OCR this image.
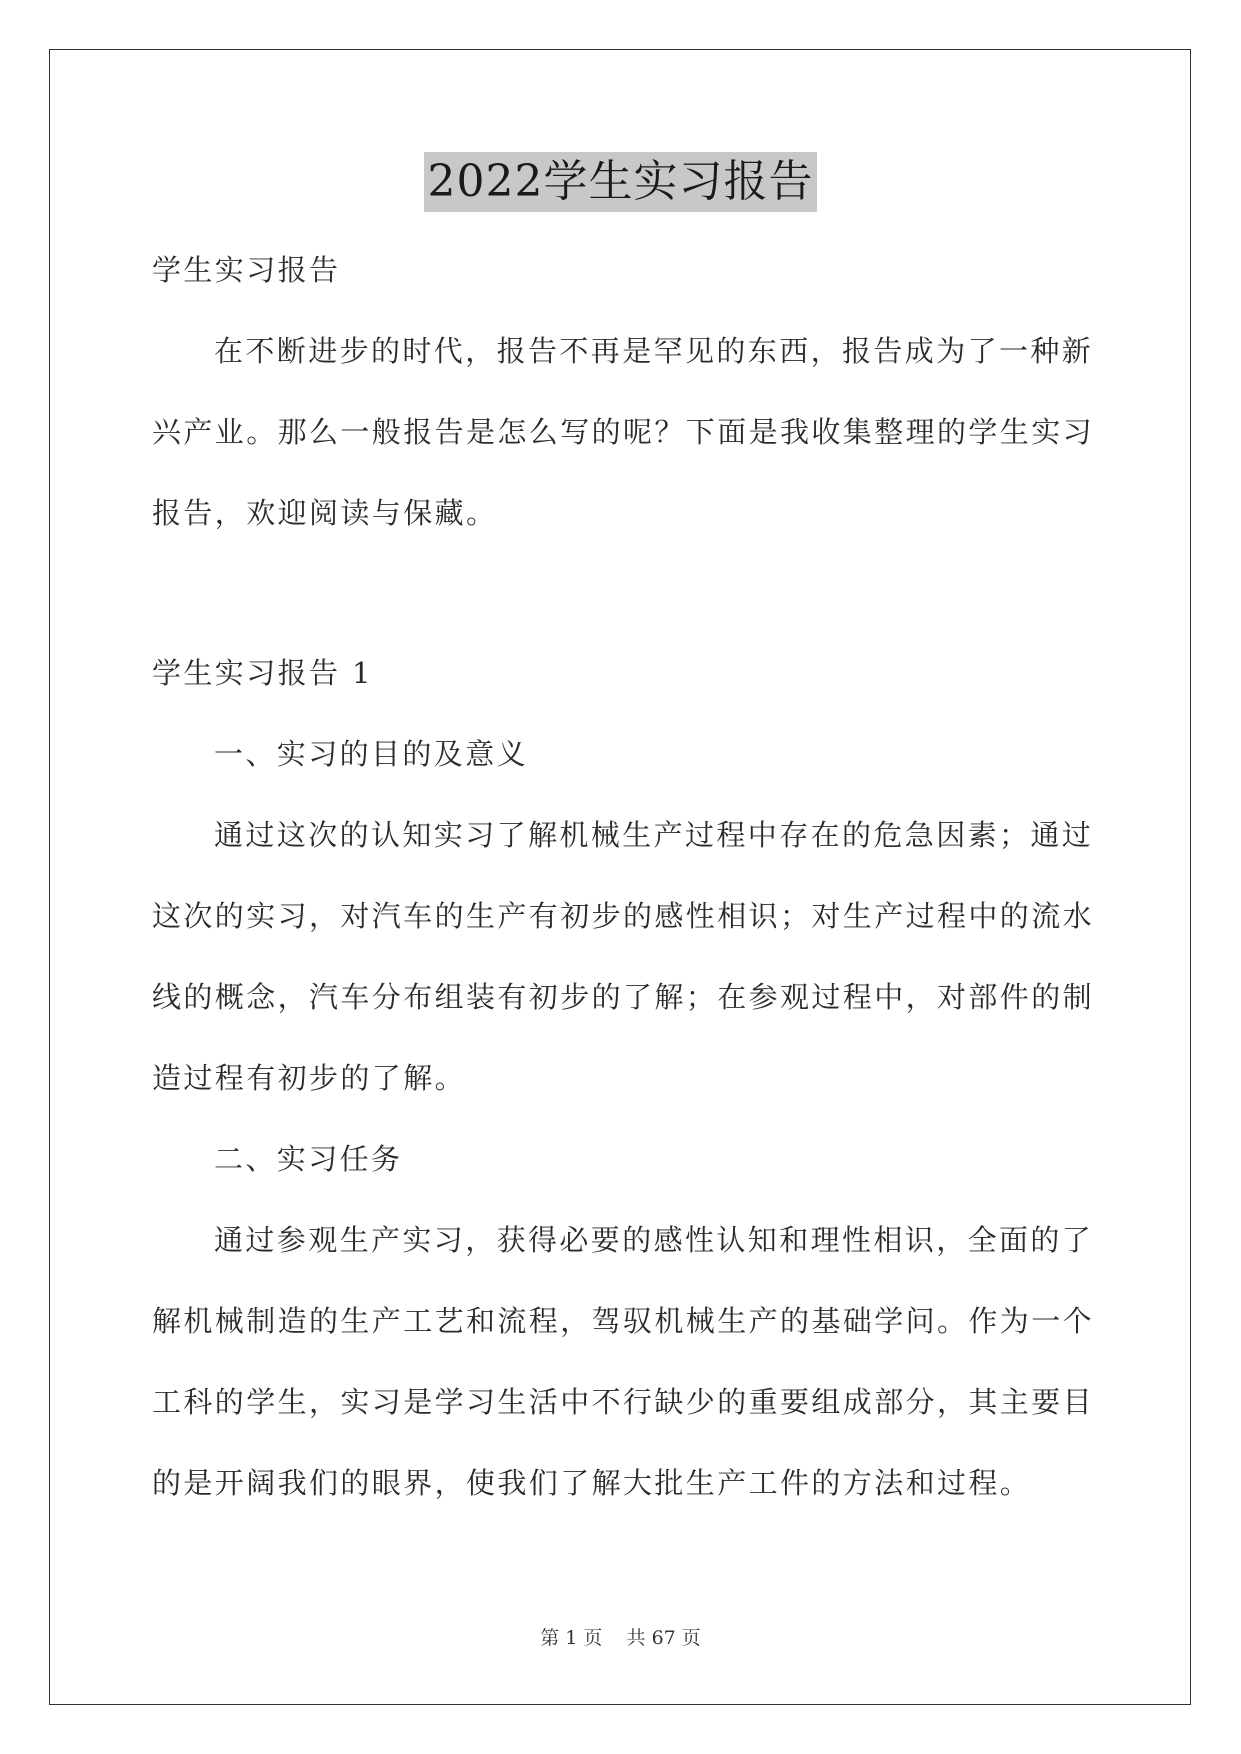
2022学生实习报告
学生实习报告
在不断进步的时代，报告不再是罕见的东西，报告成为了一种新
兴产业。那么一般报告是怎么写的呢？下面是我收集整理的学生实习
报告，欢迎阅读与保藏。
学生实习报告 1
一、实习的目的及意义
通过这次的认知实习了解机械生产过程中存在的危急因素；通过
这次的实习，对汽车的生产有初步的感性相识；对生产过程中的流水
线的概念，汽车分布组装有初步的了解；在参观过程中，对部件的制
造过程有初步的了解。
二、实习任务
通过参观生产实习，获得必要的感性认知和理性相识，全面的了
解机械制造的生产工艺和流程，驾驭机械生产的基础学问。作为一个
工科的学生，实习是学习生活中不行缺少的重要组成部分，其主要目
的是开阔我们的眼界，使我们了解大批生产工件的方法和过程。
第 1 页 共 67 页
